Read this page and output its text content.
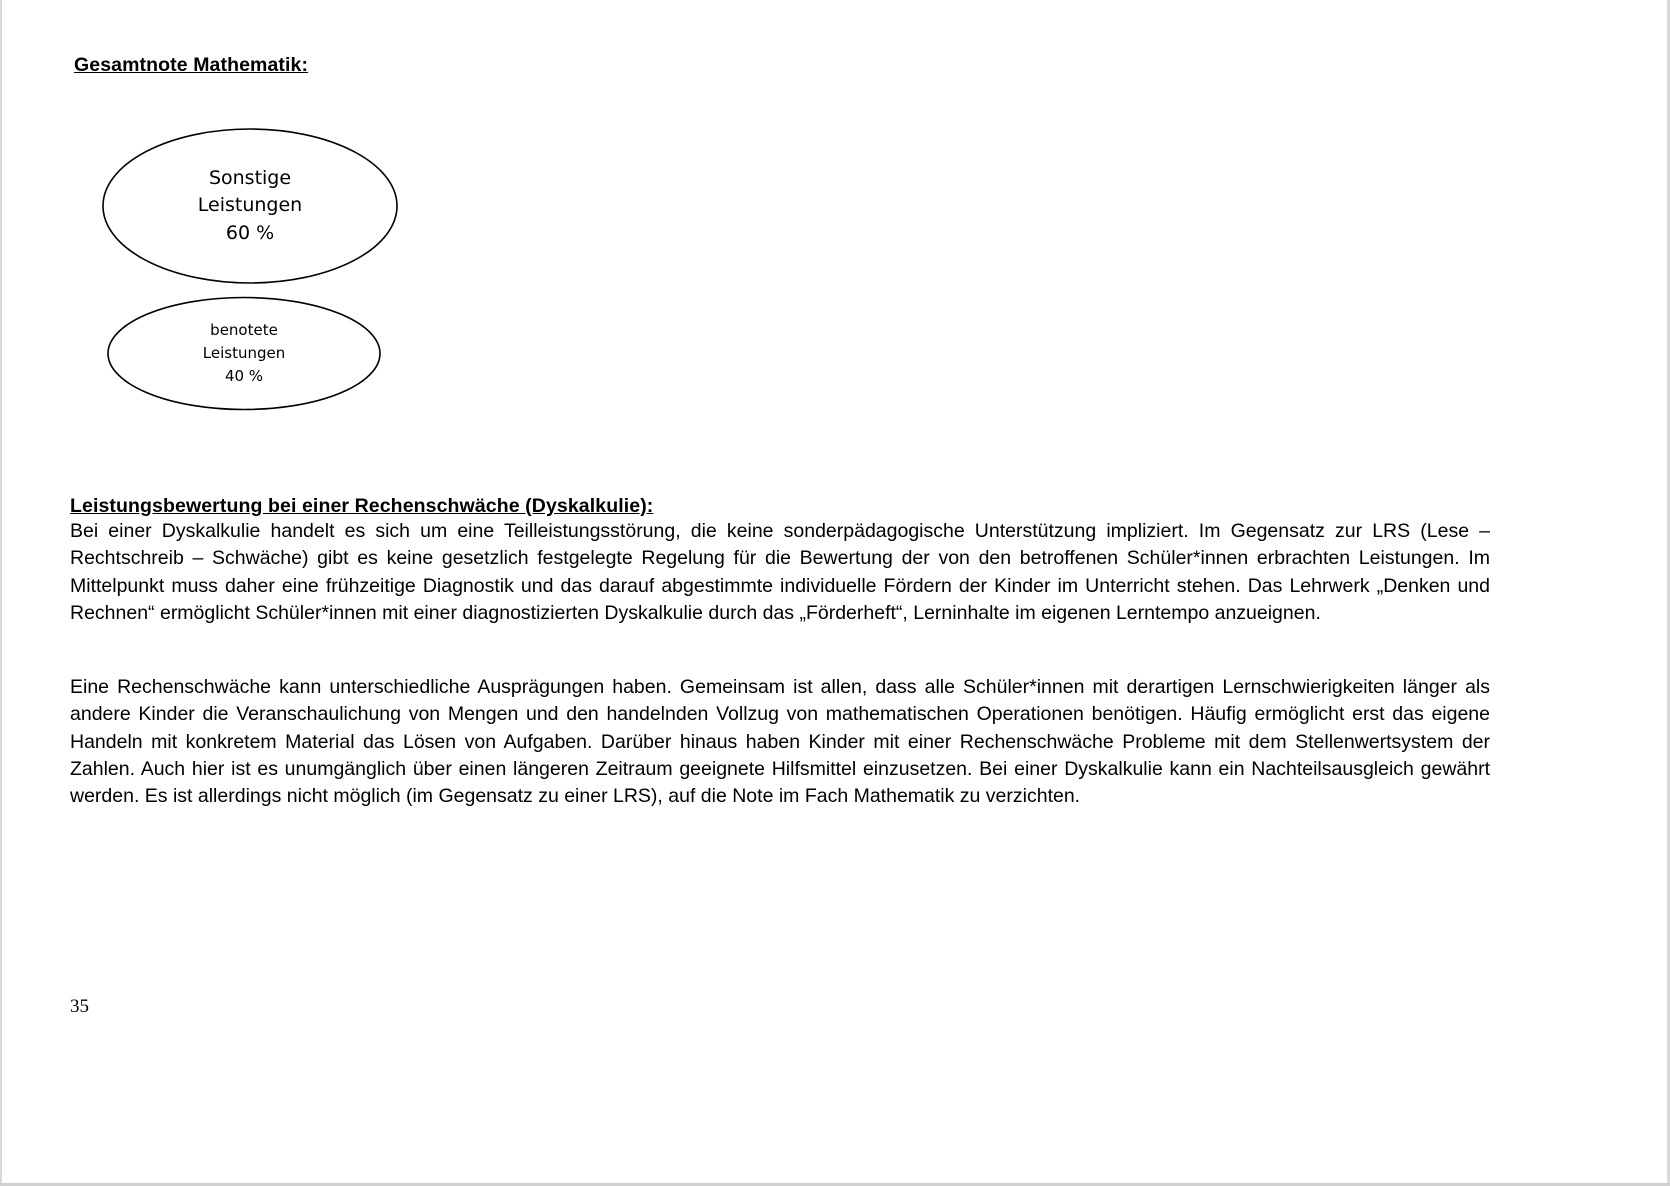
Gesamtnote Mathematik:
Sonstige
Leistungen
60 %
benotete
Leistungen
40 %
Leistungsbewertung bei einer Rechenschwäche (Dyskalkulie):

Bei einer Dyskalkulie handelt es sich um eine Teilleistungsstörung, die keine sonderpädagogische Unterstützung impliziert. Im Gegensatz zur LRS (Lese – Rechtschreib – Schwäche) gibt es keine gesetzlich festgelegte Regelung für die Bewertung der von den betroffenen Schüler*innen erbrachten Leistungen. Im Mittelpunkt muss daher eine frühzeitige Diagnostik und das darauf abgestimmte individuelle Fördern der Kinder im Unterricht stehen. Das Lehrwerk „Denken und Rechnen“ ermöglicht Schüler*innen mit einer diagnostizierten Dyskalkulie durch das „Förderheft“, Lerninhalte im eigenen Lerntempo anzueignen.

Eine Rechenschwäche kann unterschiedliche Ausprägungen haben. Gemeinsam ist allen, dass alle Schüler*innen mit derartigen Lernschwierigkeiten länger als andere Kinder die Veranschaulichung von Mengen und den handelnden Vollzug von mathematischen Operationen benötigen. Häufig ermöglicht erst das eigene Handeln mit konkretem Material das Lösen von Aufgaben. Darüber hinaus haben Kinder mit einer Rechenschwäche Probleme mit dem Stellenwertsystem der Zahlen. Auch hier ist es unumgänglich über einen längeren Zeitraum geeignete Hilfsmittel einzusetzen. Bei einer Dyskalkulie kann ein Nachteilsausgleich gewährt werden. Es ist allerdings nicht möglich (im Gegensatz zu einer LRS), auf die Note im Fach Mathematik zu verzichten.

35
